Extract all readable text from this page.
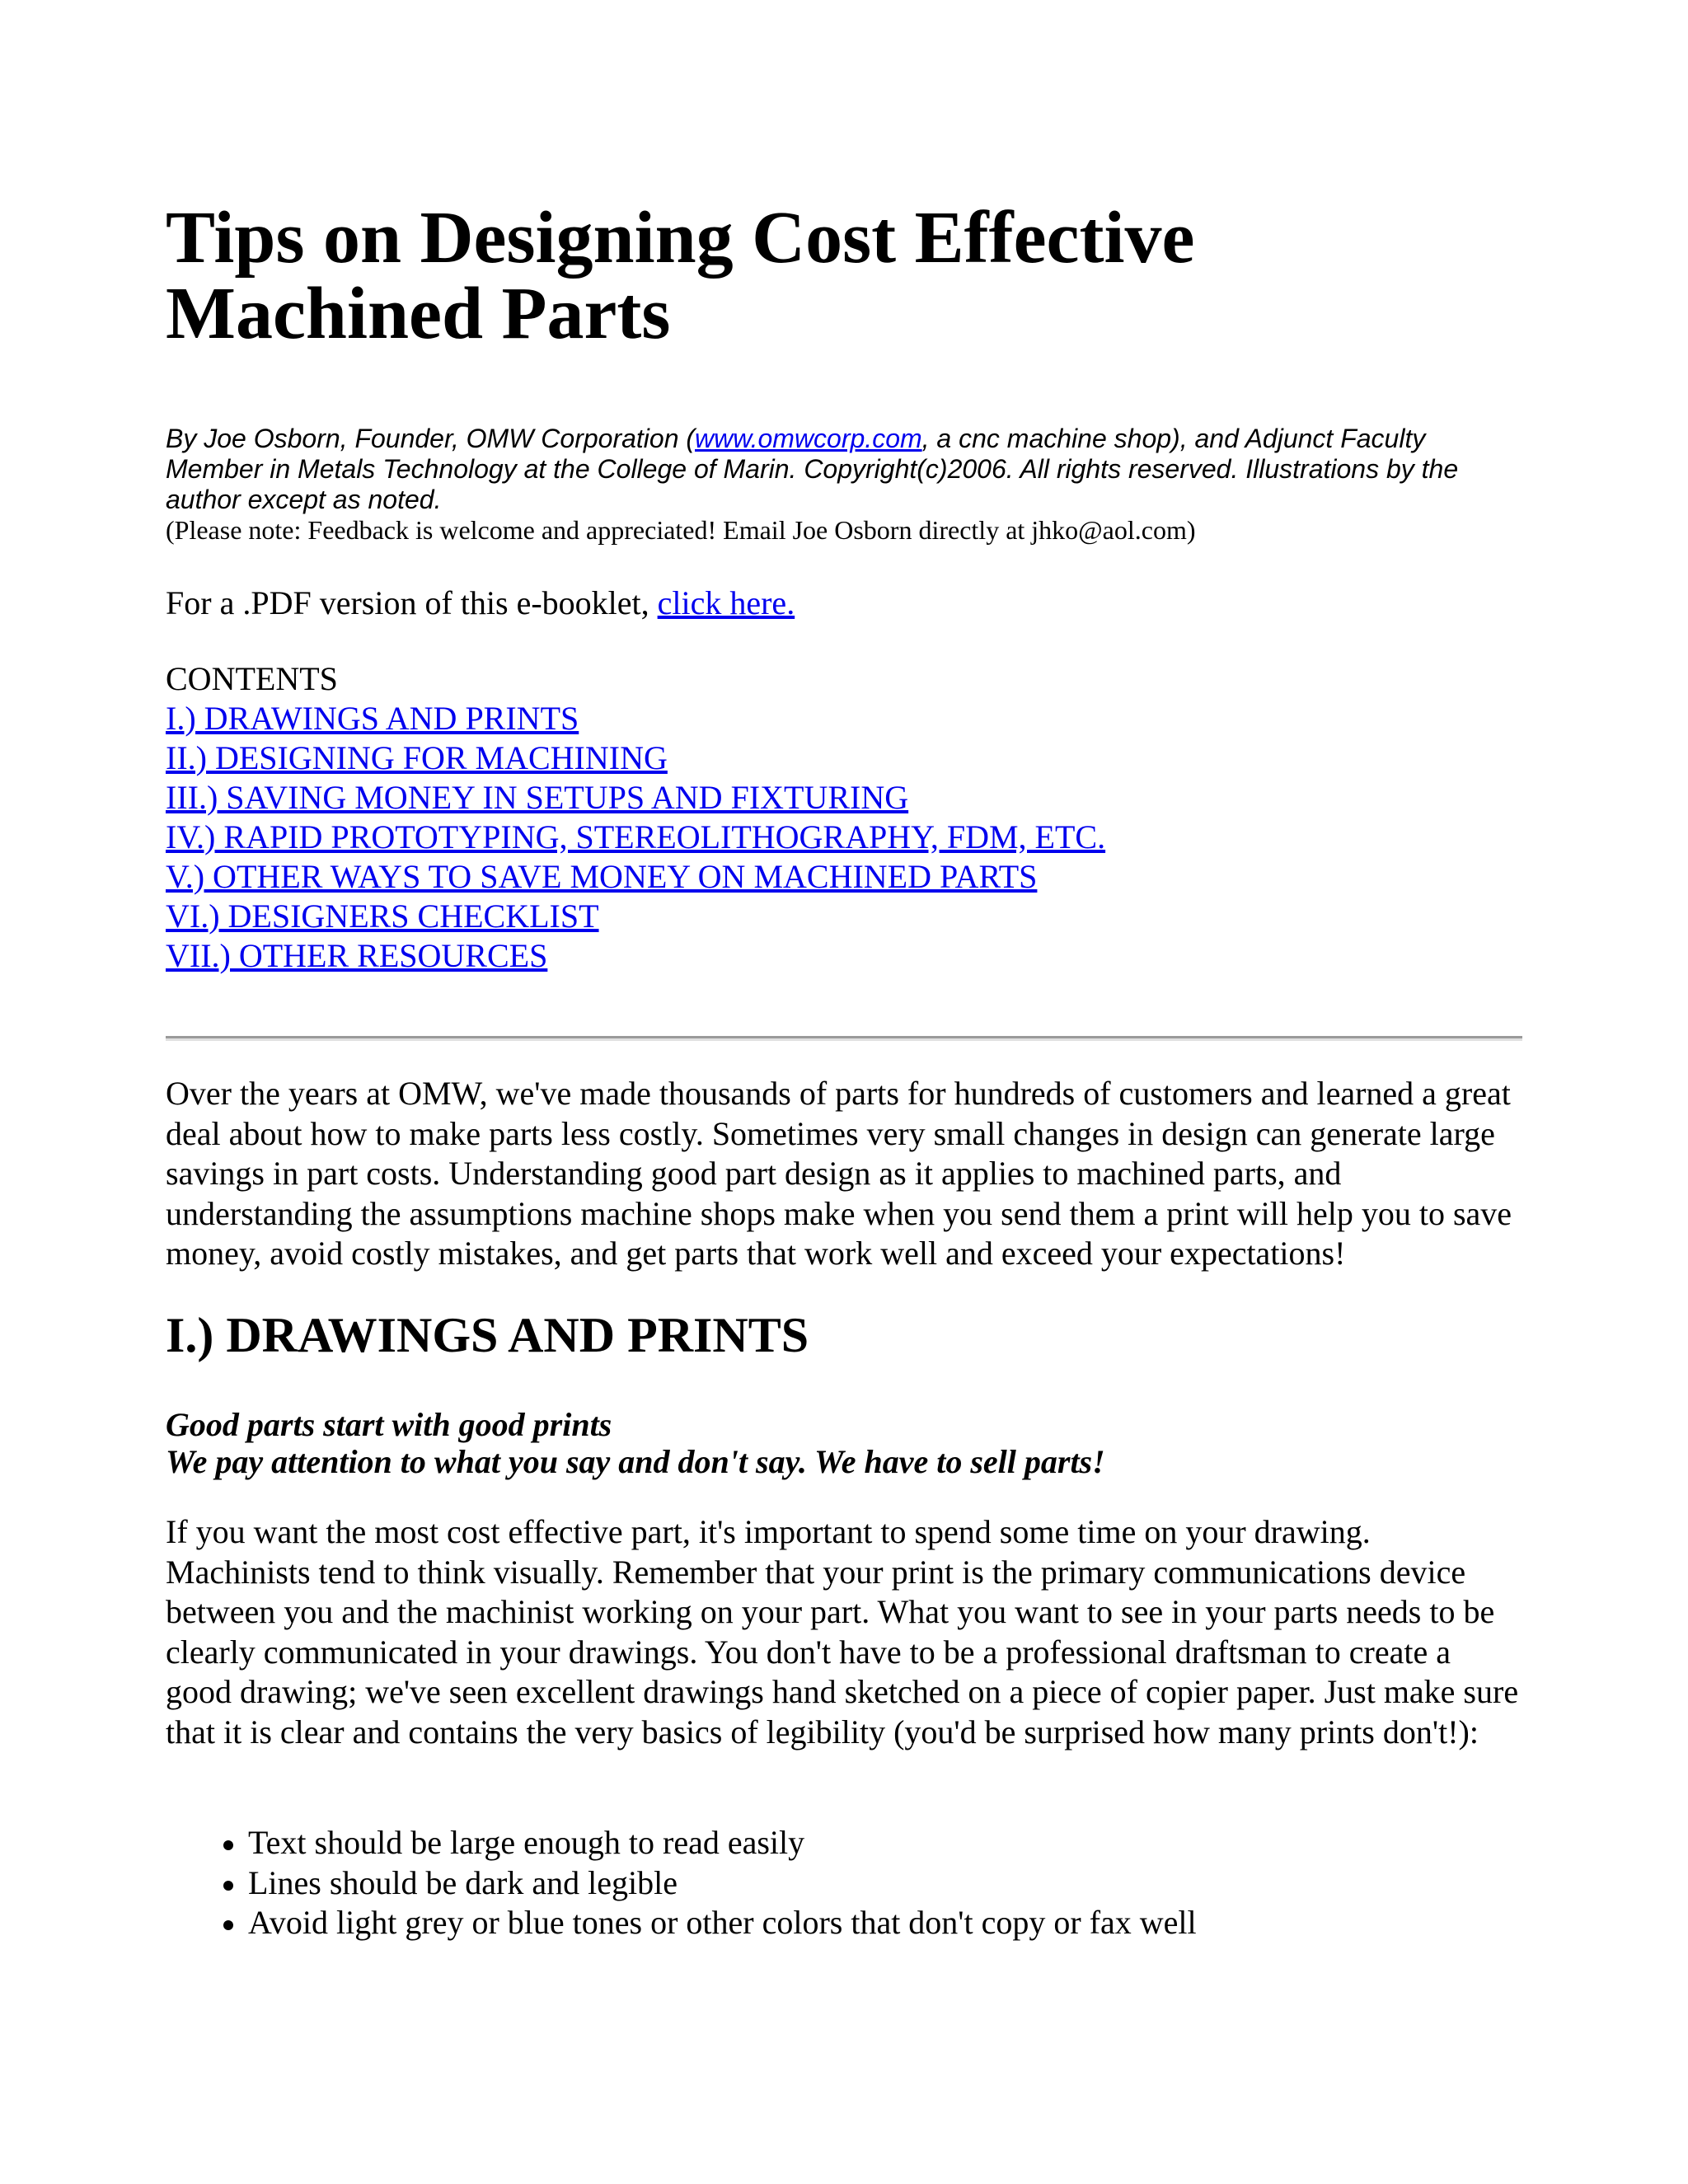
Tips on Designing Cost Effective
Machined Parts
By Joe Osborn, Founder, OMW Corporation (www.omwcorp.com, a cnc machine shop), and Adjunct Faculty Member in Metals Technology at the College of Marin. Copyright(c)2006. All rights reserved. Illustrations by the author except as noted.
(Please note: Feedback is welcome and appreciated! Email Joe Osborn directly at jhko@aol.com)
For a .PDF version of this e-booklet, click here.
CONTENTS
I.) DRAWINGS AND PRINTS
II.) DESIGNING FOR MACHINING
III.) SAVING MONEY IN SETUPS AND FIXTURING
IV.) RAPID PROTOTYPING, STEREOLITHOGRAPHY, FDM, ETC.
V.) OTHER WAYS TO SAVE MONEY ON MACHINED PARTS
VI.) DESIGNERS CHECKLIST
VII.) OTHER RESOURCES

Over the years at OMW, we've made thousands of parts for hundreds of customers and learned a great deal about how to make parts less costly. Sometimes very small changes in design can generate large savings in part costs. Understanding good part design as it applies to machined parts, and understanding the assumptions machine shops make when you send them a print will help you to save money, avoid costly mistakes, and get parts that work well and exceed your expectations!

I.) DRAWINGS AND PRINTS
Good parts start with good prints
We pay attention to what you say and don't say. We have to sell parts!

If you want the most cost effective part, it's important to spend some time on your drawing. Machinists tend to think visually. Remember that your print is the primary communications device between you and the machinist working on your part. What you want to see in your parts needs to be clearly communicated in your drawings. You don't have to be a professional draftsman to create a good drawing; we've seen excellent drawings hand sketched on a piece of copier paper. Just make sure that it is clear and contains the very basics of legibility (you'd be surprised how many prints don't!):

Text should be large enough to read easily
Lines should be dark and legible
Avoid light grey or blue tones or other colors that don't copy or fax well
